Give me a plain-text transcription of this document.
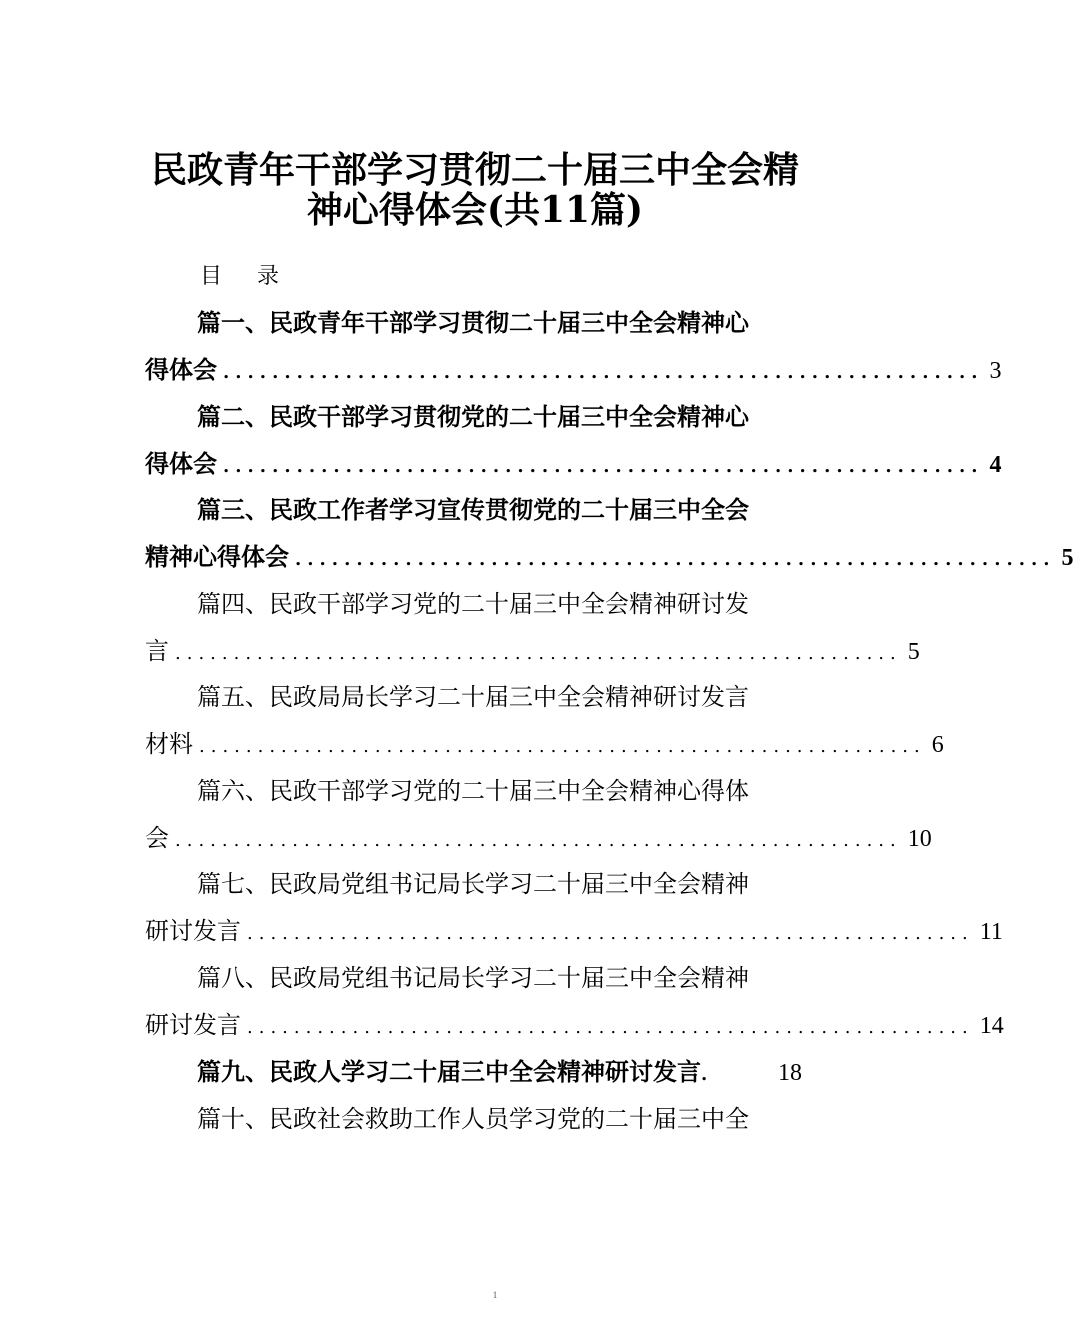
民政青年干部学习贯彻二十届三中全会精
神心得体会(共11篇)
目 录
篇一、民政青年干部学习贯彻二十届三中全会精神心
得体会 .............................................................. 3
篇二、民政干部学习贯彻党的二十届三中全会精神心
得体会 .............................................................. 4
篇三、民政工作者学习宣传贯彻党的二十届三中全会
精神心得体会 .............................................................. 5
篇四、民政干部学习党的二十届三中全会精神研讨发
言 .............................................................. 5
篇五、民政局局长学习二十届三中全会精神研讨发言
材料 .............................................................. 6
篇六、民政干部学习党的二十届三中全会精神心得体
会 .............................................................. 10
篇七、民政局党组书记局长学习二十届三中全会精神
研讨发言 .............................................................. 11
篇八、民政局党组书记局长学习二十届三中全会精神
研讨发言 .............................................................. 14
篇九、民政人学习二十届三中全会精神研讨发言 .	18
篇十、民政社会救助工作人员学习党的二十届三中全
1
